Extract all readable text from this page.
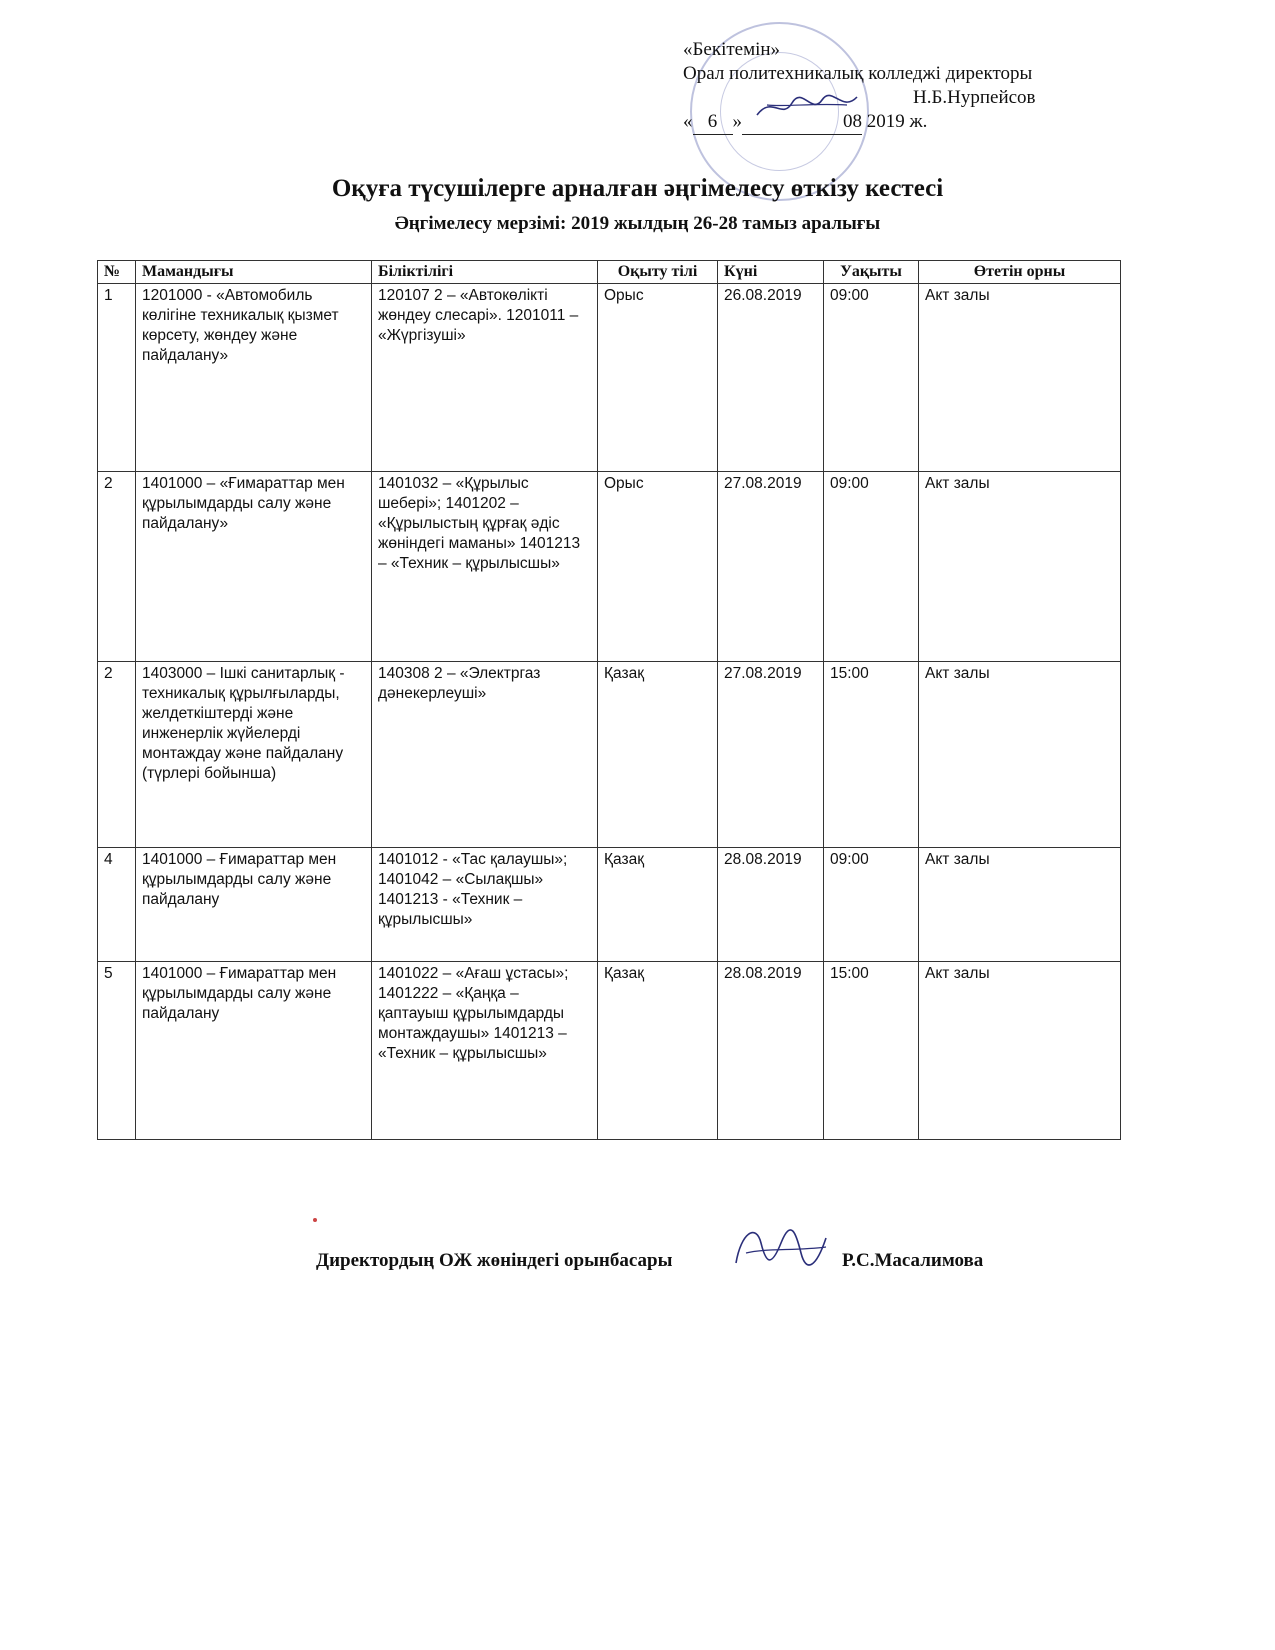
«Бекітемін»
Орал политехникалық колледжі директоры
Н.Б.Нурпейсов
« 6 »	08 2019 ж.
Оқуға түсушілерге арналған әңгімелесу өткізу кестесі
Әңгімелесу мерзімі: 2019 жылдың 26-28 тамыз аралығы
№	Мамандығы	Біліктілігі	Оқыту тілі	Күні	Уақыты	Өтетін орны
1	1201000 - «Автомобиль көлігіне техникалық қызмет көрсету, жөндеу және пайдалану»	120107 2 – «Автокөлікті жөндеу слесарі». 1201011 – «Жүргізуші»	Орыс	26.08.2019	09:00	Акт залы
2	1401000 – «Ғимараттар мен құрылымдарды салу және пайдалану»	1401032 – «Құрылыс шебері»; 1401202 – «Құрылыстың құрғақ әдіс жөніндегі маманы» 1401213 – «Техник – құрылысшы»	Орыс	27.08.2019	09:00	Акт залы
2	1403000 – Ішкі санитарлық - техникалық құрылғыларды, желдеткіштерді және инженерлік жүйелерді монтаждау және пайдалану (түрлері бойынша)	140308 2 – «Электргаз дәнекерлеуші»	Қазақ	27.08.2019	15:00	Акт залы
4	1401000 – Ғимараттар мен құрылымдарды салу және пайдалану	1401012 - «Тас қалаушы»; 1401042 – «Сылақшы» 1401213 - «Техник – құрылысшы»	Қазақ	28.08.2019	09:00	Акт залы
5	1401000 – Ғимараттар мен құрылымдарды салу және пайдалану	1401022 – «Ағаш ұстасы»; 1401222 – «Қаңқа – қаптауыш құрылымдарды монтаждаушы» 1401213 – «Техник – құрылысшы»	Қазақ	28.08.2019	15:00	Акт залы
Директордың ОЖ жөніндегі орынбасары	Р.С.Масалимова
